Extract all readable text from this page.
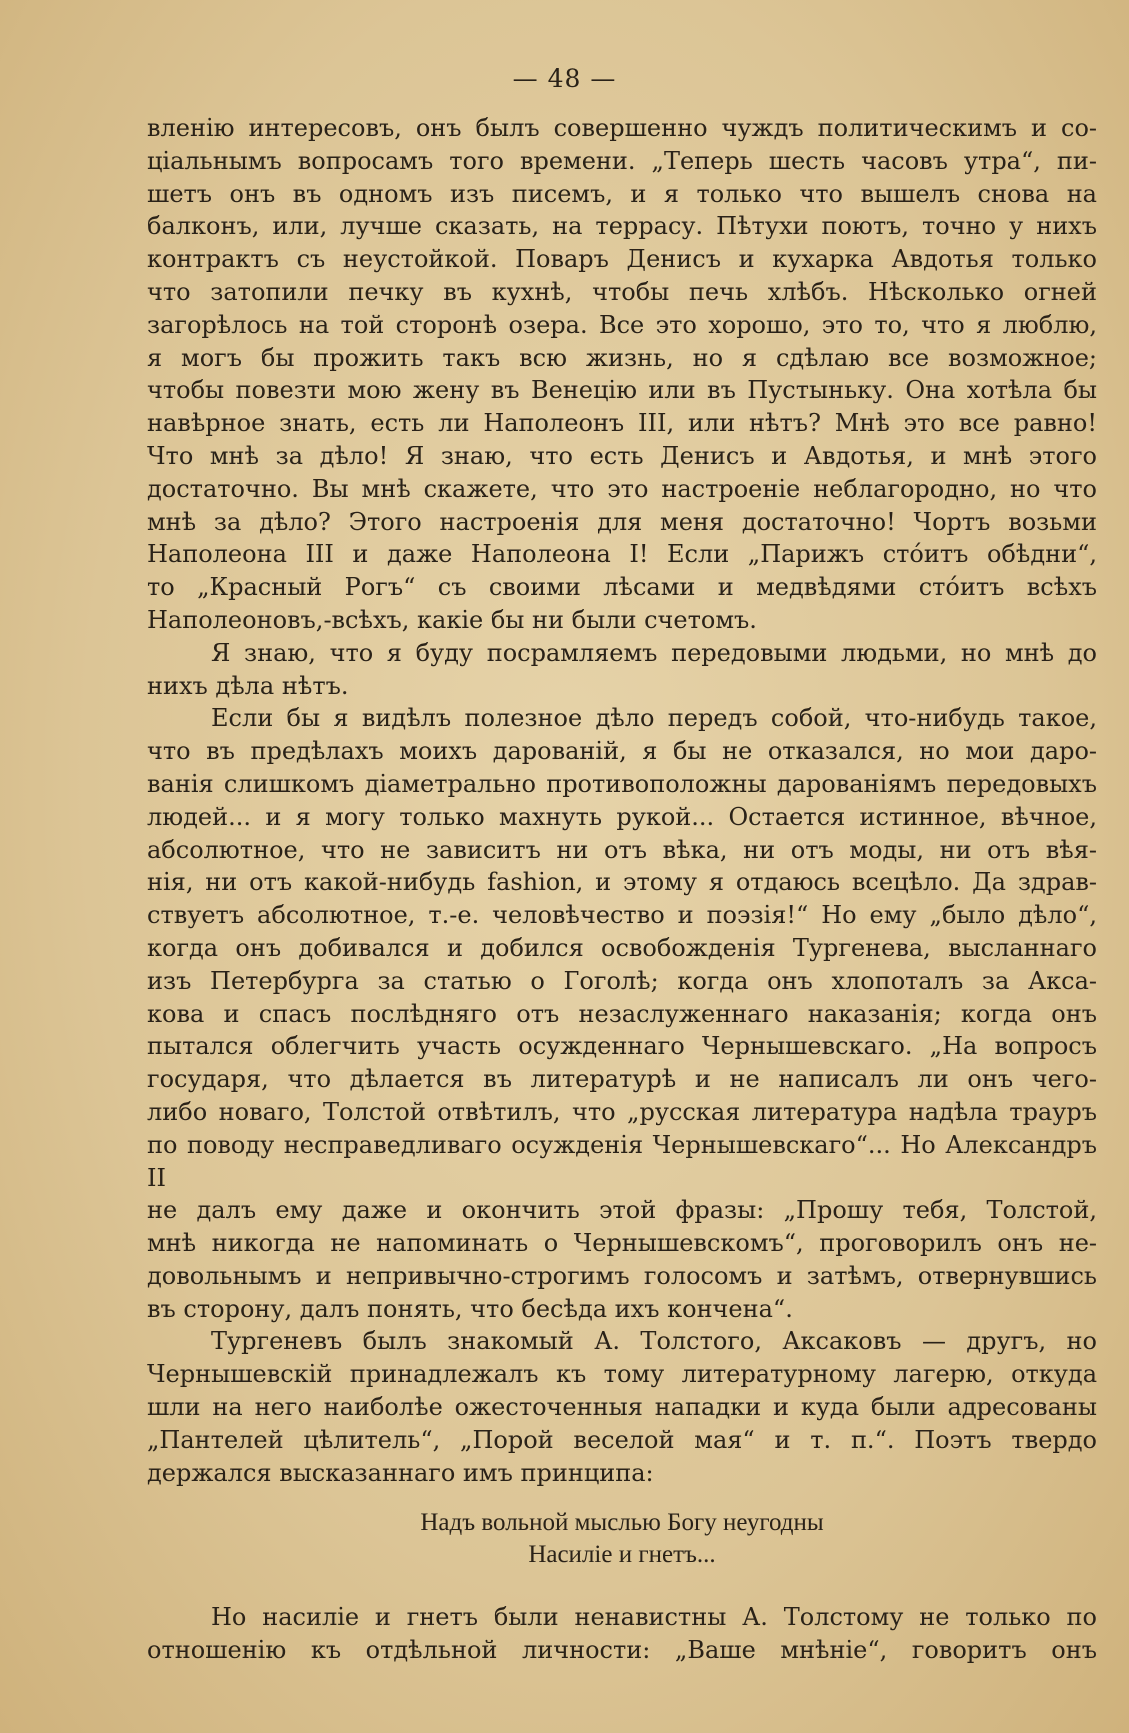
— 48 —
вленію интересовъ, онъ былъ совершенно чуждъ политическимъ и со-
ціальнымъ вопросамъ того времени. „Теперь шесть часовъ утра“, пи-
шетъ онъ въ одномъ изъ писемъ, и я только что вышелъ снова на
балконъ, или, лучше сказать, на террасу. Пѣтухи поютъ, точно у нихъ
контрактъ съ неустойкой. Поваръ Денисъ и кухарка Авдотья только
что затопили печку въ кухнѣ, чтобы печь хлѣбъ. Нѣсколько огней
загорѣлось на той сторонѣ озера. Все это хорошо, это то, что я люблю,
я могъ бы прожить такъ всю жизнь, но я сдѣлаю все возможное;
чтобы повезти мою жену въ Венецію или въ Пустыньку. Она хотѣла бы
навѣрное знать, есть ли Наполеонъ III, или нѣтъ? Мнѣ это все равно!
Что мнѣ за дѣло! Я знаю, что есть Денисъ и Авдотья, и мнѣ этого
достаточно. Вы мнѣ скажете, что это настроеніе неблагородно, но что
мнѣ за дѣло? Этого настроенія для меня достаточно! Чортъ возьми
Наполеона III и даже Наполеона I! Если „Парижъ стóитъ обѣдни“,
то „Красный Рогъ“ съ своими лѣсами и медвѣдями стóитъ всѣхъ
Наполеоновъ,-всѣхъ, какіе бы ни были счетомъ.
Я знаю, что я буду посрамляемъ передовыми людьми, но мнѣ до
нихъ дѣла нѣтъ.
Если бы я видѣлъ полезное дѣло передъ собой, что-нибудь такое,
что въ предѣлахъ моихъ дарованій, я бы не отказался, но мои даро-
ванія слишкомъ діаметрально противоположны дарованіямъ передовыхъ
людей... и я могу только махнуть рукой... Остается истинное, вѣчное,
абсолютное, что не зависитъ ни отъ вѣка, ни отъ моды, ни отъ вѣя-
нія, ни отъ какой-нибудь fashion, и этому я отдаюсь всецѣло. Да здрав-
ствуетъ абсолютное, т.-е. человѣчество и поэзія!“ Но ему „было дѣло“,
когда онъ добивался и добился освобожденія Тургенева, высланнаго
изъ Петербурга за статью о Гоголѣ; когда онъ хлопоталъ за Акса-
кова и спасъ послѣдняго отъ незаслуженнаго наказанія; когда онъ
пытался облегчить участь осужденнаго Чернышевскаго. „На вопросъ
государя, что дѣлается въ литературѣ и не написалъ ли онъ чего-
либо новаго, Толстой отвѣтилъ, что „русская литература надѣла трауръ
по поводу несправедливаго осужденія Чернышевскаго“... Но Александръ II
не далъ ему даже и окончить этой фразы: „Прошу тебя, Толстой,
мнѣ никогда не напоминать о Чернышевскомъ“, проговорилъ онъ не-
довольнымъ и непривычно-строгимъ голосомъ и затѣмъ, отвернувшись
въ сторону, далъ понять, что бесѣда ихъ кончена“.
Тургеневъ былъ знакомый А. Толстого, Аксаковъ — другъ, но
Чернышевскій принадлежалъ къ тому литературному лагерю, откуда
шли на него наиболѣе ожесточенныя нападки и куда были адресованы
„Пантелей цѣлитель“, „Порой веселой мая“ и т. п.“. Поэтъ твердо
держался высказаннаго имъ принципа:
Надъ вольной мыслью Богу неугодны
Насиліе и гнетъ...
Но насиліе и гнетъ были ненавистны А. Толстому не только по
отношенію къ отдѣльной личности: „Ваше мнѣніе“, говоритъ онъ
